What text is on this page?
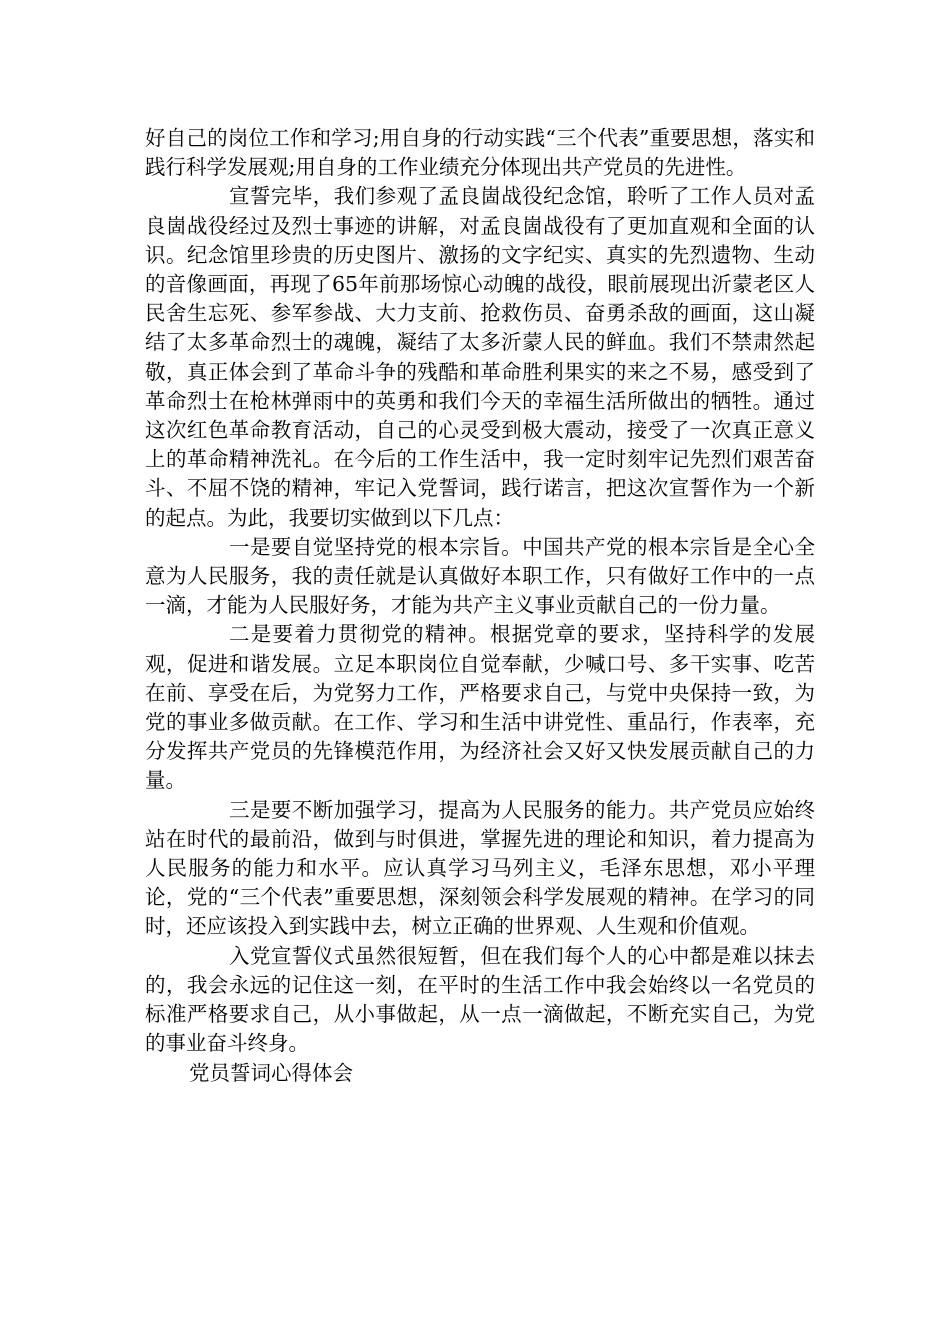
好自己的岗位工作和学习;用自身的行动实践“三个代表”重要思想，落实和践行科学发展观;用自身的工作业绩充分体现出共产党员的先进性。

宣誓完毕，我们参观了孟良崮战役纪念馆，聆听了工作人员对孟良崮战役经过及烈士事迹的讲解，对孟良崮战役有了更加直观和全面的认识。纪念馆里珍贵的历史图片、激扬的文字纪实、真实的先烈遗物、生动的音像画面，再现了65年前那场惊心动魄的战役，眼前展现出沂蒙老区人民舍生忘死、参军参战、大力支前、抢救伤员、奋勇杀敌的画面，这山凝结了太多革命烈士的魂魄，凝结了太多沂蒙人民的鲜血。我们不禁肃然起敬，真正体会到了革命斗争的残酷和革命胜利果实的来之不易，感受到了革命烈士在枪林弹雨中的英勇和我们今天的幸福生活所做出的牺牲。通过这次红色革命教育活动，自己的心灵受到极大震动，接受了一次真正意义上的革命精神洗礼。在今后的工作生活中，我一定时刻牢记先烈们艰苦奋斗、不屈不饶的精神，牢记入党誓词，践行诺言，把这次宣誓作为一个新的起点。为此，我要切实做到以下几点：

一是要自觉坚持党的根本宗旨。中国共产党的根本宗旨是全心全意为人民服务，我的责任就是认真做好本职工作，只有做好工作中的一点一滴，才能为人民服好务，才能为共产主义事业贡献自己的一份力量。

二是要着力贯彻党的精神。根据党章的要求，坚持科学的发展观，促进和谐发展。立足本职岗位自觉奉献，少喊口号、多干实事、吃苦在前、享受在后，为党努力工作，严格要求自己，与党中央保持一致，为党的事业多做贡献。在工作、学习和生活中讲党性、重品行，作表率，充分发挥共产党员的先锋模范作用，为经济社会又好又快发展贡献自己的力量。

三是要不断加强学习，提高为人民服务的能力。共产党员应始终站在时代的最前沿，做到与时俱进，掌握先进的理论和知识，着力提高为人民服务的能力和水平。应认真学习马列主义，毛泽东思想，邓小平理论，党的“三个代表”重要思想，深刻领会科学发展观的精神。在学习的同时，还应该投入到实践中去，树立正确的世界观、人生观和价值观。

入党宣誓仪式虽然很短暂，但在我们每个人的心中都是难以抹去的，我会永远的记住这一刻，在平时的生活工作中我会始终以一名党员的标准严格要求自己，从小事做起，从一点一滴做起，不断充实自己，为党的事业奋斗终身。

党员誓词心得体会
